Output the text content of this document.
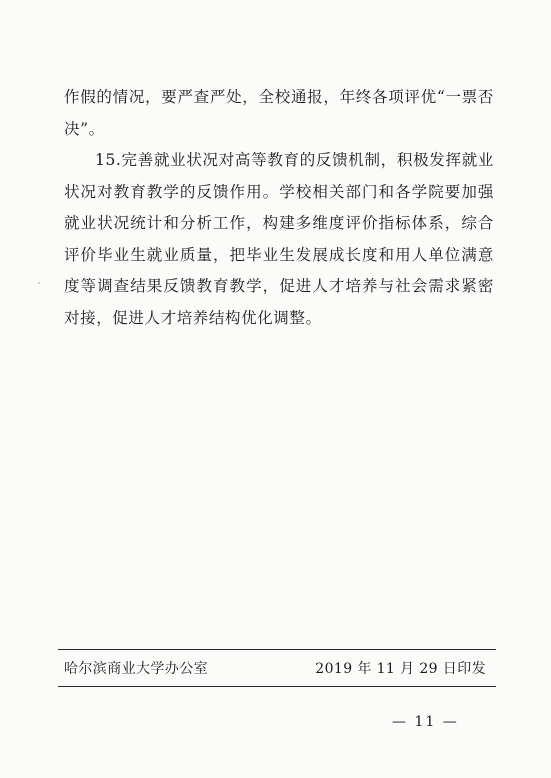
作假的情况，要严查严处，全校通报，年终各项评优“一票否决”。

15.完善就业状况对高等教育的反馈机制，积极发挥就业状况对教育教学的反馈作用。学校相关部门和各学院要加强就业状况统计和分析工作，构建多维度评价指标体系，综合评价毕业生就业质量，把毕业生发展成长度和用人单位满意度等调查结果反馈教育教学，促进人才培养与社会需求紧密对接，促进人才培养结构优化调整。

哈尔滨商业大学办公室	2019 年 11 月 29 日印发
— 11 —
